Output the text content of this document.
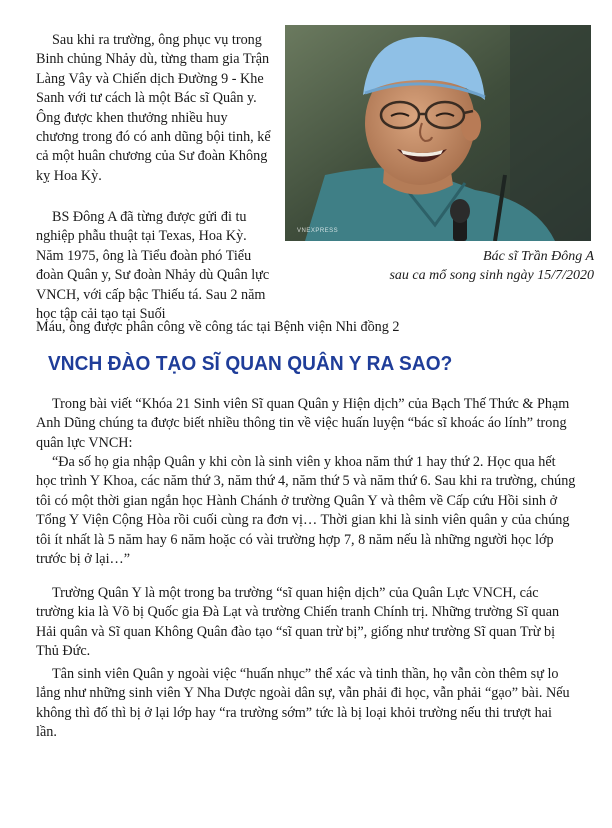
Sau khi ra trường, ông phục vụ trong Binh chủng Nhảy dù, từng tham gia Trận Làng Vây và Chiến dịch Đường 9 - Khe Sanh với tư cách là một Bác sĩ Quân y. Ông được khen thưởng nhiều huy chương trong đó có anh dũng bội tinh, kể cả một huân chương của Sư đoàn Không kỵ Hoa Kỳ.

BS Đông A đã từng được gửi đi tu nghiệp phẫu thuật tại Texas, Hoa Kỳ. Năm 1975, ông là Tiểu đoàn phó Tiểu đoàn Quân y, Sư đoàn Nhảy dù Quân lực VNCH, với cấp bậc Thiếu tá. Sau 2 năm học tập cải tạo tại Suối

Máu, ông được phân công về công tác tại Bệnh viện Nhi đồng 2

VNEXPRESS
Bác sĩ Trần Đông A
sau ca mổ song sinh ngày 15/7/2020
VNCH ĐÀO TẠO SĨ QUAN QUÂN Y RA SAO?

Trong bài viết “Khóa 21 Sinh viên Sĩ quan Quân y Hiện dịch” của Bạch Thế Thức & Phạm Anh Dũng chúng ta được biết nhiều thông tin về việc huấn luyện “bác sĩ khoác áo lính” trong quân lực VNCH:

“Đa số họ gia nhập Quân y khi còn là sinh viên y khoa năm thứ 1 hay thứ 2. Học qua hết học trình Y Khoa, các năm thứ 3, năm thứ 4, năm thứ 5 và năm thứ 6. Sau khi ra trường, chúng tôi có một thời gian ngắn học Hành Chánh ở trường Quân Y và thêm về Cấp cứu Hồi sinh ở Tổng Y Viện Cộng Hòa rồi cuối cùng ra đơn vị… Thời gian khi là sinh viên quân y của chúng tôi ít nhất là 5 năm hay 6 năm hoặc có vài trường hợp 7, 8 năm nếu là những người học lớp trước bị ở lại…”

Trường Quân Y là một trong ba trường “sĩ quan hiện dịch” của Quân Lực VNCH, các trường kia là Võ bị Quốc gia Đà Lạt và trường Chiến tranh Chính trị. Những trường Sĩ quan Hải quân và Sĩ quan Không Quân đào tạo “sĩ quan trừ bị”, giống như trường Sĩ quan Trừ bị Thủ Đức.

Tân sinh viên Quân y ngoài việc “huấn nhục” thể xác và tinh thần, họ vẫn còn thêm sự lo lắng như những sinh viên Y Nha Dược ngoài dân sự, vẫn phải đi học, vẫn phải “gạo” bài. Nếu không thì đố thì bị ở lại lớp hay “ra trường sớm” tức là bị loại khỏi trường nếu thi trượt hai lần.
